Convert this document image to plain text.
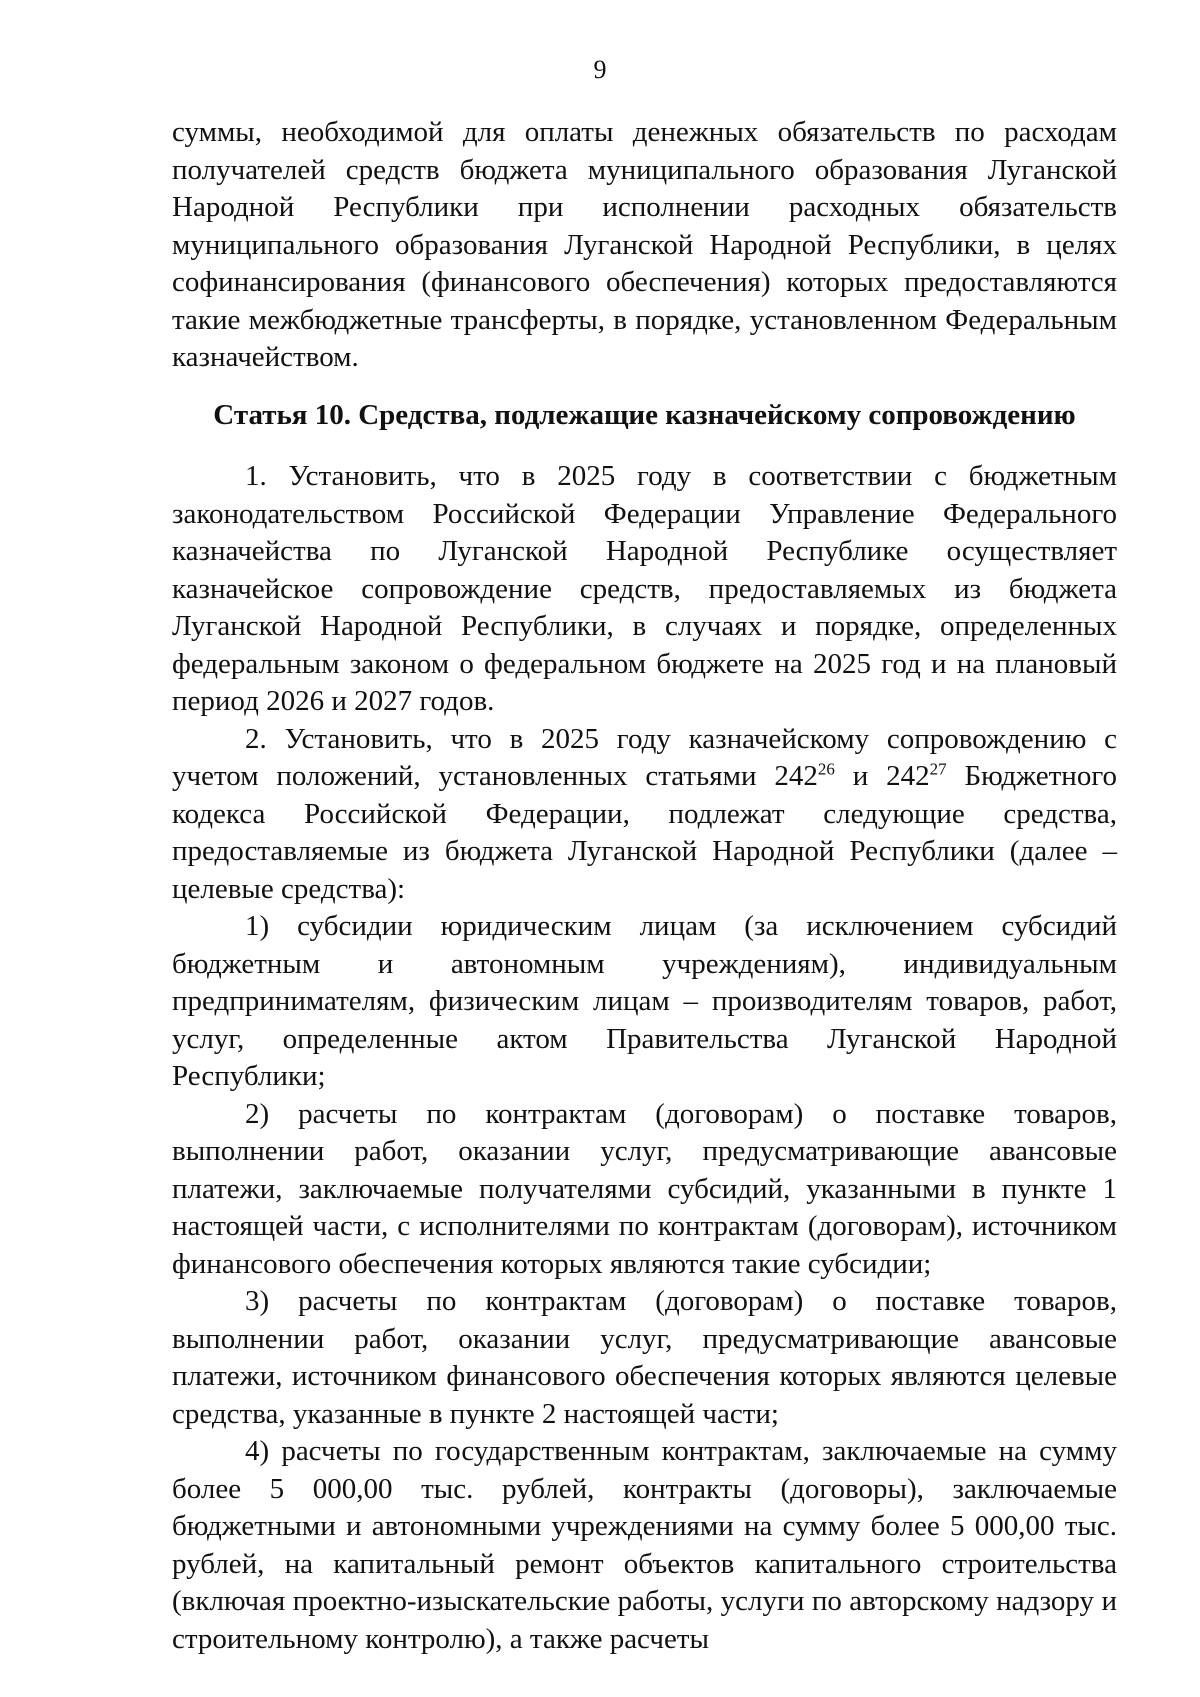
9

суммы, необходимой для оплаты денежных обязательств по расходам получателей средств бюджета муниципального образования Луганской Народной Республики при исполнении расходных обязательств муниципального образования Луганской Народной Республики, в целях софинансирования (финансового обеспечения) которых предоставляются такие межбюджетные трансферты, в порядке, установленном Федеральным казначейством.

Статья 10. Средства, подлежащие казначейскому сопровождению

1. Установить, что в 2025 году в соответствии с бюджетным законодательством Российской Федерации Управление Федерального казначейства по Луганской Народной Республике осуществляет казначейское сопровождение средств, предоставляемых из бюджета Луганской Народной Республики, в случаях и порядке, определенных федеральным законом о федеральном бюджете на 2025 год и на плановый период 2026 и 2027 годов.

2. Установить, что в 2025 году казначейскому сопровождению с учетом положений, установленных статьями $242^{26}$ и $242^{27}$ Бюджетного кодекса Российской Федерации, подлежат следующие средства, предоставляемые из бюджета Луганской Народной Республики (далее – целевые средства):

1) субсидии юридическим лицам (за исключением субсидий бюджетным и автономным учреждениям), индивидуальным предпринимателям, физическим лицам – производителям товаров, работ, услуг, определенные актом Правительства Луганской Народной Республики;

2) расчеты по контрактам (договорам) о поставке товаров, выполнении работ, оказании услуг, предусматривающие авансовые платежи, заключаемые получателями субсидий, указанными в пункте 1 настоящей части, с исполнителями по контрактам (договорам), источником финансового обеспечения которых являются такие субсидии;

3) расчеты по контрактам (договорам) о поставке товаров, выполнении работ, оказании услуг, предусматривающие авансовые платежи, источником финансового обеспечения которых являются целевые средства, указанные в пункте 2 настоящей части;

4) расчеты по государственным контрактам, заключаемые на сумму более 5 000,00 тыс. рублей, контракты (договоры), заключаемые бюджетными и автономными учреждениями на сумму более 5 000,00 тыс. рублей, на капитальный ремонт объектов капитального строительства (включая проектно-изыскательские работы, услуги по авторскому надзору и строительному контролю), а также расчеты
